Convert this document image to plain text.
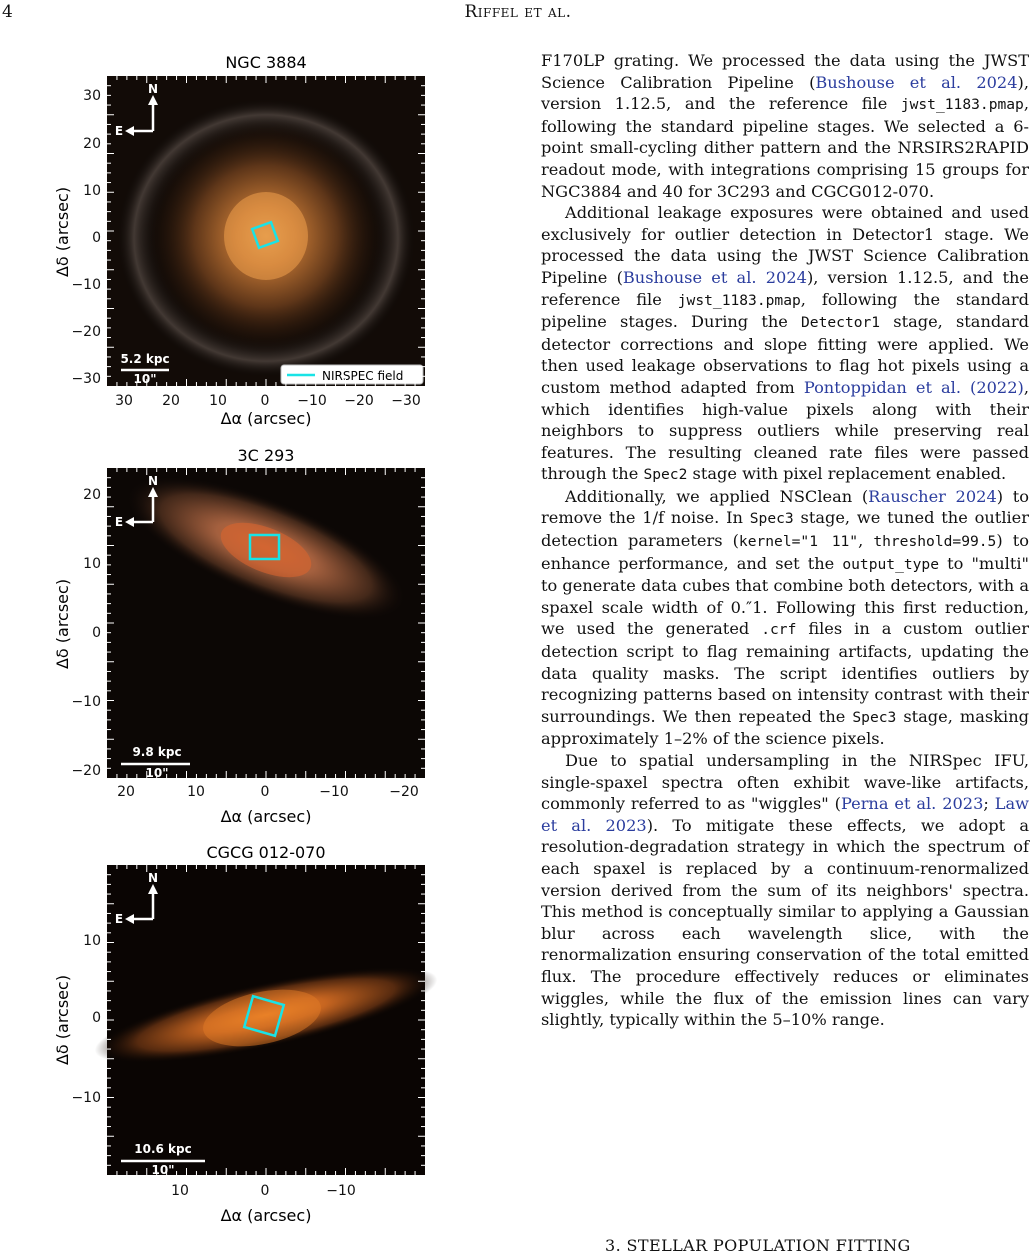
4	Riffel et al.
NGC 3884
N
E
5.2 kpc
10"	NIRSPEC field
30 20 10 0 −10 −20 −30
30
20
10
0
−10
−20
−30
Δα (arcsec)
Δδ (arcsec)
3C 293
N
E
9.8 kpc
10"
20	10	0	−10	−20
20
10
0
−10
−20
Δα (arcsec)
Δδ (arcsec)
CGCG 012-070
N
E
10.6 kpc
10"
10	0	−10
10
0
−10
Δα (arcsec)
Δδ (arcsec)

F170LP grating. We processed the data using the JWST Science Calibration Pipeline (Bushouse et al. 2024), version 1.12.5, and the reference file jwst_1183.pmap, following the standard pipeline stages. We selected a 6-point small-cycling dither pattern and the NRSIRS2RAPID readout mode, with integrations comprising 15 groups for NGC3884 and 40 for 3C293 and CGCG012-070.

Additional leakage exposures were obtained and used exclusively for outlier detection in Detector1 stage. We processed the data using the JWST Science Calibration Pipeline (Bushouse et al. 2024), version 1.12.5, and the reference file jwst_1183.pmap, following the standard pipeline stages. During the Detector1 stage, standard detector corrections and slope fitting were applied. We then used leakage observations to flag hot pixels using a custom method adapted from Pontoppidan et al. (2022), which identifies high-value pixels along with their neighbors to suppress outliers while preserving real features. The resulting cleaned rate files were passed through the Spec2 stage with pixel replacement enabled.

Additionally, we applied NSClean (Rauscher 2024) to remove the 1/f noise. In Spec3 stage, we tuned the outlier detection parameters (kernel="1 11", threshold=99.5) to enhance performance, and set the output_type to "multi" to generate data cubes that combine both detectors, with a spaxel scale width of 0.″1. Following this first reduction, we used the generated .crf files in a custom outlier detection script to flag remaining artifacts, updating the data quality masks. The script identifies outliers by recognizing patterns based on intensity contrast with their surroundings. We then repeated the Spec3 stage, masking approximately 1–2% of the science pixels.

Due to spatial undersampling in the NIRSpec IFU, single-spaxel spectra often exhibit wave-like artifacts, commonly referred to as "wiggles" (Perna et al. 2023; Law et al. 2023). To mitigate these effects, we adopt a resolution-degradation strategy in which the spectrum of each spaxel is replaced by a continuum-renormalized version derived from the sum of its neighbors' spectra. This method is conceptually similar to applying a Gaussian blur across each wavelength slice, with the renormalization ensuring conservation of the total emitted flux. The procedure effectively reduces or eliminates wiggles, while the flux of the emission lines can vary slightly, typically within the 5–10% range.

3. STELLAR POPULATION FITTING
